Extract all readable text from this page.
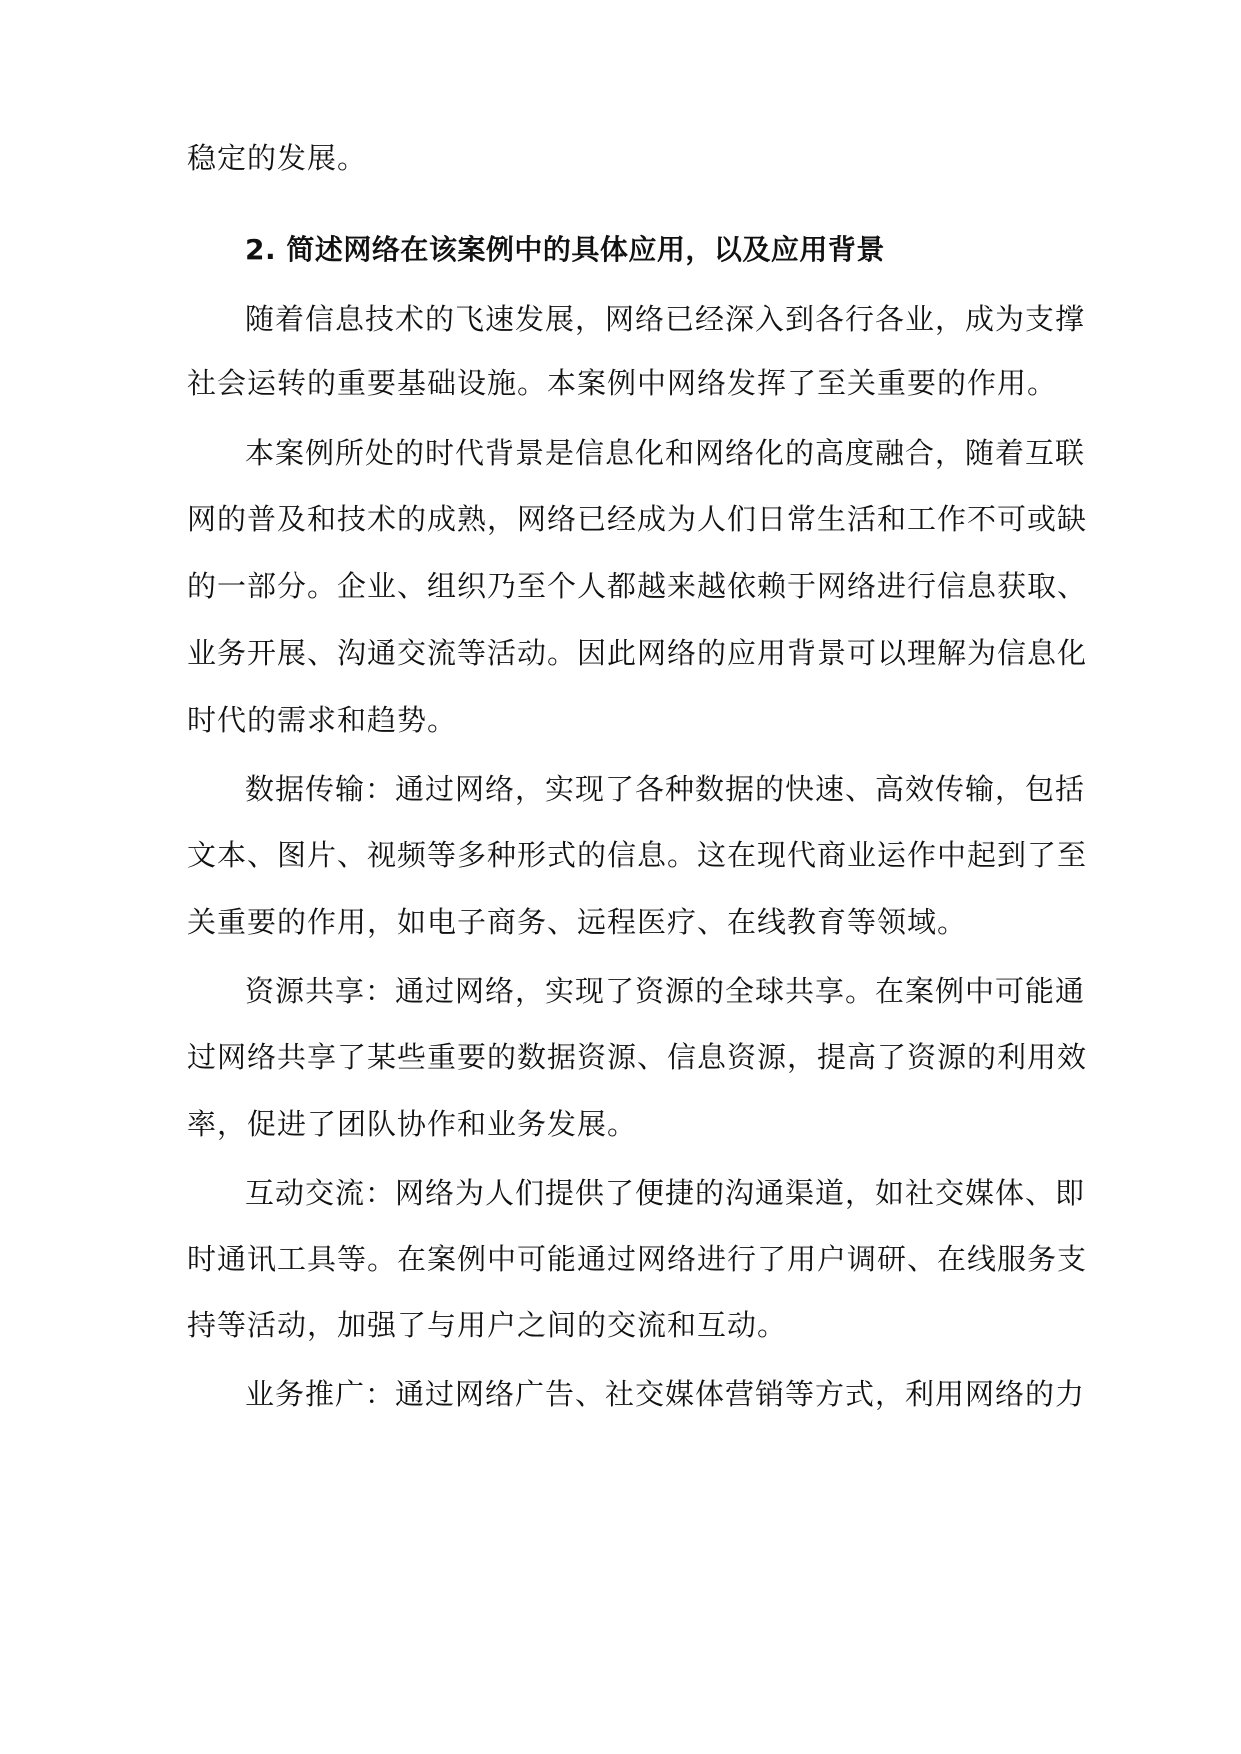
稳定的发展。
2. 简述网络在该案例中的具体应用，以及应用背景
随着信息技术的飞速发展，网络已经深入到各行各业，成为支撑
社会运转的重要基础设施。本案例中网络发挥了至关重要的作用。
本案例所处的时代背景是信息化和网络化的高度融合，随着互联
网的普及和技术的成熟，网络已经成为人们日常生活和工作不可或缺
的一部分。企业、组织乃至个人都越来越依赖于网络进行信息获取、
业务开展、沟通交流等活动。因此网络的应用背景可以理解为信息化
时代的需求和趋势。
数据传输：通过网络，实现了各种数据的快速、高效传输，包括
文本、图片、视频等多种形式的信息。这在现代商业运作中起到了至
关重要的作用，如电子商务、远程医疗、在线教育等领域。
资源共享：通过网络，实现了资源的全球共享。在案例中可能通
过网络共享了某些重要的数据资源、信息资源，提高了资源的利用效
率，促进了团队协作和业务发展。
互动交流：网络为人们提供了便捷的沟通渠道，如社交媒体、即
时通讯工具等。在案例中可能通过网络进行了用户调研、在线服务支
持等活动，加强了与用户之间的交流和互动。
业务推广：通过网络广告、社交媒体营销等方式，利用网络的力
